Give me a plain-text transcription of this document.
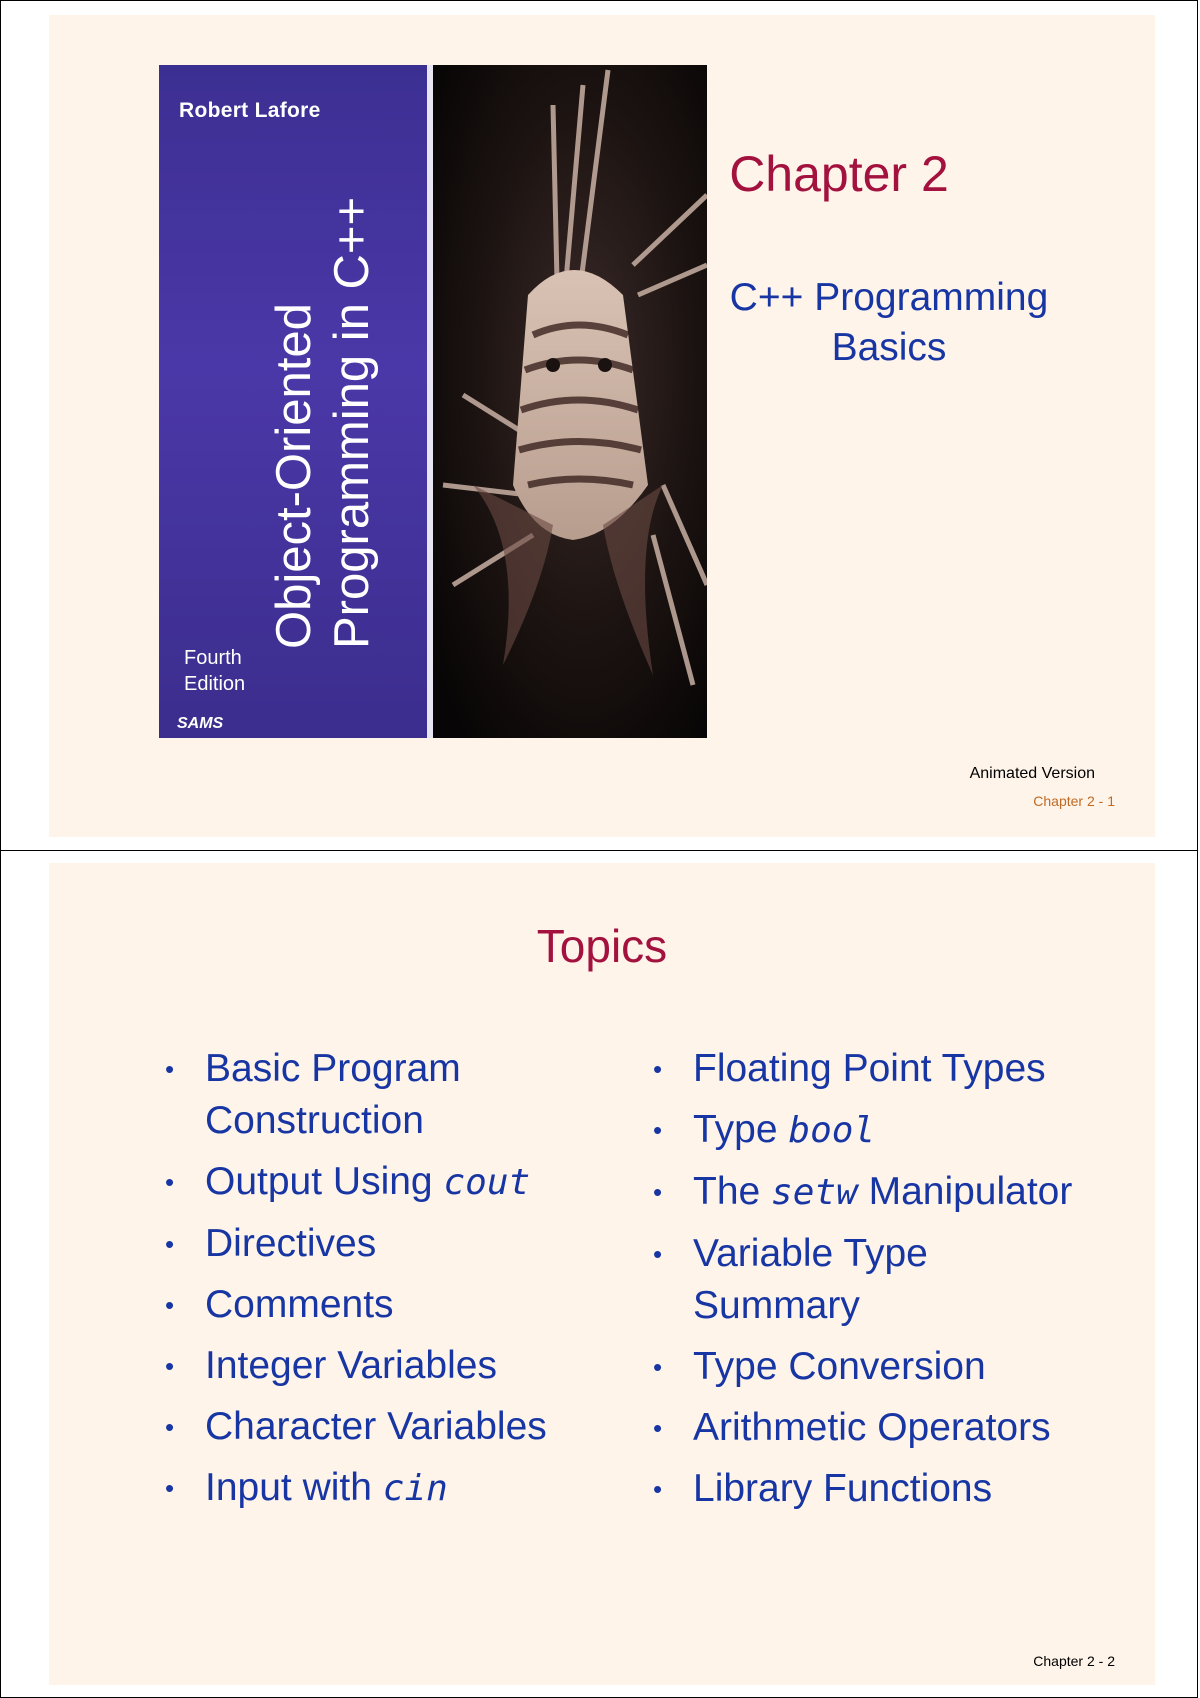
Robert Lafore
Object-Oriented Programming in C++
Fourth
Edition
SAMS
Chapter 2
C++ Programming
Basics
Animated Version
Chapter 2 - 1
Topics
• Basic Program
Construction
• Output Using cout
• Directives
• Comments
• Integer Variables
• Character Variables
• Input with cin
• Floating Point Types
• Type bool
• The setw Manipulator
• Variable Type
Summary
• Type Conversion
• Arithmetic Operators
• Library Functions
Chapter 2 - 2
